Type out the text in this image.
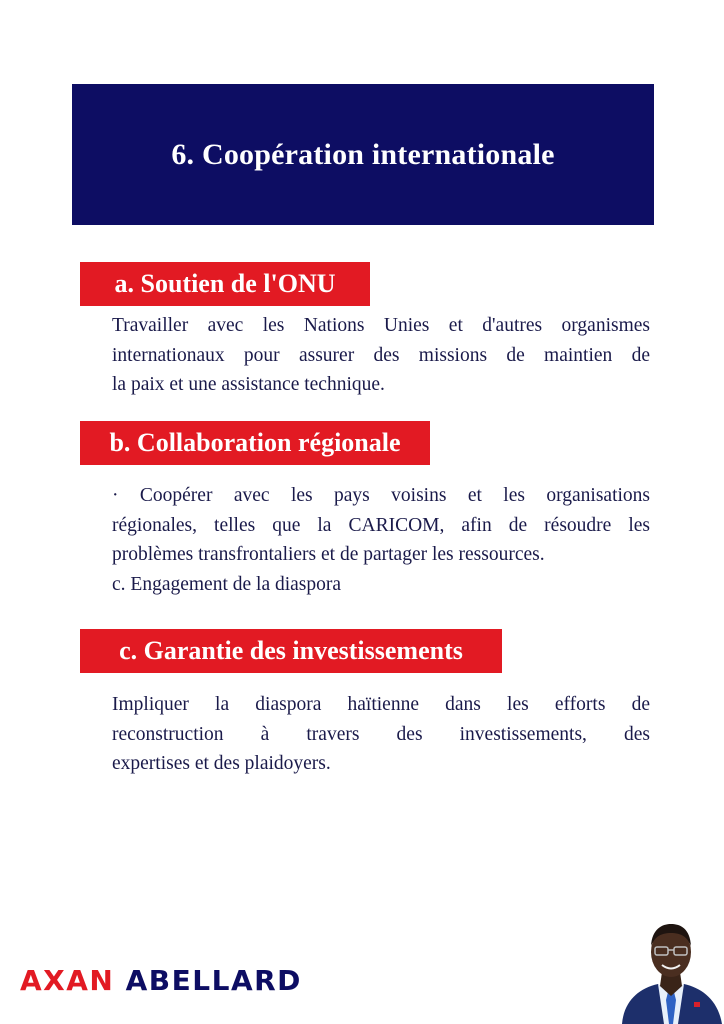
6. Coopération internationale
a. Soutien de l'ONU

Travailler avec les Nations Unies et d'autres organismes
internationaux pour assurer des missions de maintien de
la paix et une assistance technique.

b. Collaboration régionale

· Coopérer avec les pays voisins et les organisations
régionales, telles que la CARICOM, afin de résoudre les
problèmes transfrontaliers et de partager les ressources.
c. Engagement de la diaspora

c. Garantie des investissements

Impliquer la diaspora haïtienne dans les efforts de
reconstruction à travers des investissements, des
expertises et des plaidoyers.

AXAN ABELLARD
